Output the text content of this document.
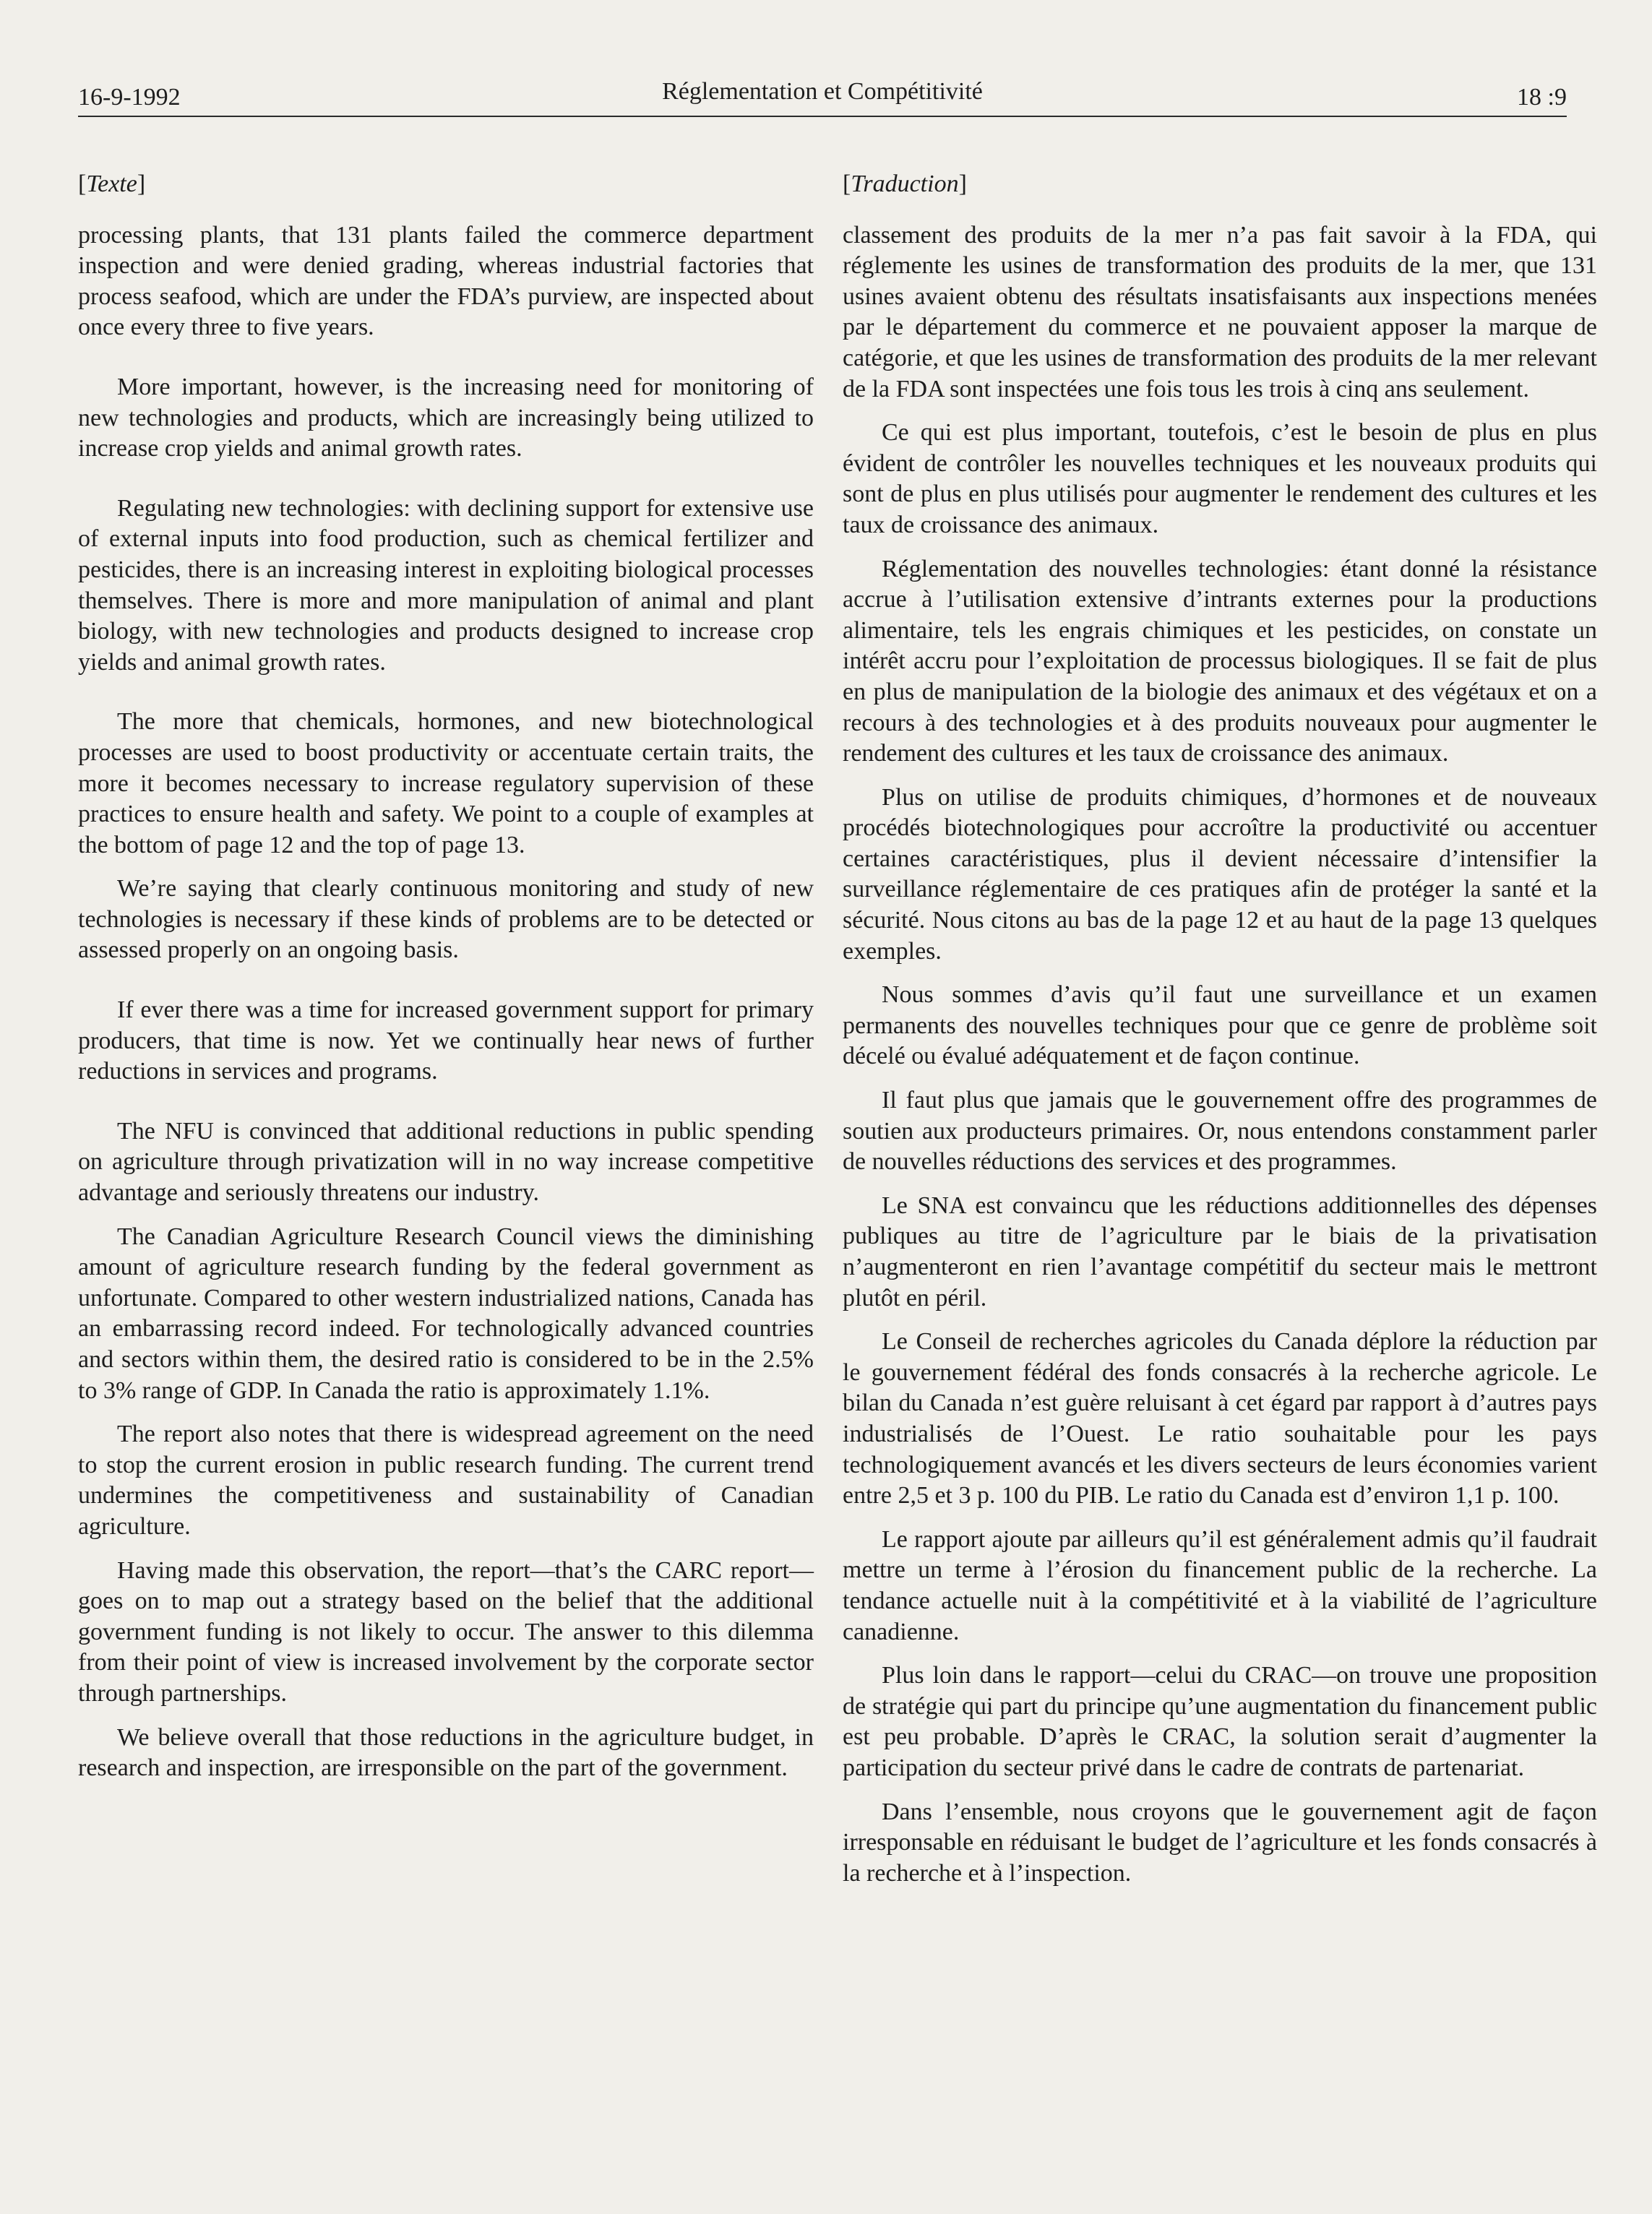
16-9-1992	Réglementation et Compétitivité	18 :9
[Texte]

processing plants, that 131 plants failed the commerce department inspection and were denied grading, whereas industrial factories that process seafood, which are under the FDA’s purview, are inspected about once every three to five years.

More important, however, is the increasing need for monitoring of new technologies and products, which are increasingly being utilized to increase crop yields and animal growth rates.

Regulating new technologies: with declining support for extensive use of external inputs into food production, such as chemical fertilizer and pesticides, there is an increasing interest in exploiting biological processes themselves. There is more and more manipulation of animal and plant biology, with new technologies and products designed to increase crop yields and animal growth rates.

The more that chemicals, hormones, and new biotechnological processes are used to boost productivity or accentuate certain traits, the more it becomes necessary to increase regulatory supervision of these practices to ensure health and safety. We point to a couple of examples at the bottom of page 12 and the top of page 13.

We’re saying that clearly continuous monitoring and study of new technologies is necessary if these kinds of problems are to be detected or assessed properly on an ongoing basis.

If ever there was a time for increased government support for primary producers, that time is now. Yet we continually hear news of further reductions in services and programs.

The NFU is convinced that additional reductions in public spending on agriculture through privatization will in no way increase competitive advantage and seriously threatens our industry.

The Canadian Agriculture Research Council views the diminishing amount of agriculture research funding by the federal government as unfortunate. Compared to other western industrialized nations, Canada has an embarrassing record indeed. For technologically advanced countries and sectors within them, the desired ratio is considered to be in the 2.5% to 3% range of GDP. In Canada the ratio is approximately 1.1%.

The report also notes that there is widespread agreement on the need to stop the current erosion in public research funding. The current trend undermines the competitiveness and sustainability of Canadian agriculture.

Having made this observation, the report—that’s the CARC report—goes on to map out a strategy based on the belief that the additional government funding is not likely to occur. The answer to this dilemma from their point of view is increased involvement by the corporate sector through partnerships.

We believe overall that those reductions in the agriculture budget, in research and inspection, are irresponsible on the part of the government.

[Traduction]

classement des produits de la mer n’a pas fait savoir à la FDA, qui réglemente les usines de transformation des produits de la mer, que 131 usines avaient obtenu des résultats insatisfaisants aux inspections menées par le département du commerce et ne pouvaient apposer la marque de catégorie, et que les usines de transformation des produits de la mer relevant de la FDA sont inspectées une fois tous les trois à cinq ans seulement.

Ce qui est plus important, toutefois, c’est le besoin de plus en plus évident de contrôler les nouvelles techniques et les nouveaux produits qui sont de plus en plus utilisés pour augmenter le rendement des cultures et les taux de croissance des animaux.

Réglementation des nouvelles technologies: étant donné la résistance accrue à l’utilisation extensive d’intrants externes pour la productions alimentaire, tels les engrais chimiques et les pesticides, on constate un intérêt accru pour l’exploitation de processus biologiques. Il se fait de plus en plus de manipulation de la biologie des animaux et des végétaux et on a recours à des technologies et à des produits nouveaux pour augmenter le rendement des cultures et les taux de croissance des animaux.

Plus on utilise de produits chimiques, d’hormones et de nouveaux procédés biotechnologiques pour accroître la productivité ou accentuer certaines caractéristiques, plus il devient nécessaire d’intensifier la surveillance réglementaire de ces pratiques afin de protéger la santé et la sécurité. Nous citons au bas de la page 12 et au haut de la page 13 quelques exemples.

Nous sommes d’avis qu’il faut une surveillance et un examen permanents des nouvelles techniques pour que ce genre de problème soit décelé ou évalué adéquatement et de façon continue.

Il faut plus que jamais que le gouvernement offre des programmes de soutien aux producteurs primaires. Or, nous entendons constamment parler de nouvelles réductions des services et des programmes.

Le SNA est convaincu que les réductions additionnelles des dépenses publiques au titre de l’agriculture par le biais de la privatisation n’augmenteront en rien l’avantage compétitif du secteur mais le mettront plutôt en péril.

Le Conseil de recherches agricoles du Canada déplore la réduction par le gouvernement fédéral des fonds consacrés à la recherche agricole. Le bilan du Canada n’est guère reluisant à cet égard par rapport à d’autres pays industrialisés de l’Ouest. Le ratio souhaitable pour les pays technologiquement avancés et les divers secteurs de leurs économies varient entre 2,5 et 3 p. 100 du PIB. Le ratio du Canada est d’environ 1,1 p. 100.

Le rapport ajoute par ailleurs qu’il est généralement admis qu’il faudrait mettre un terme à l’érosion du financement public de la recherche. La tendance actuelle nuit à la compétitivité et à la viabilité de l’agriculture canadienne.

Plus loin dans le rapport—celui du CRAC—on trouve une proposition de stratégie qui part du principe qu’une augmentation du financement public est peu probable. D’après le CRAC, la solution serait d’augmenter la participation du secteur privé dans le cadre de contrats de partenariat.

Dans l’ensemble, nous croyons que le gouvernement agit de façon irresponsable en réduisant le budget de l’agriculture et les fonds consacrés à la recherche et à l’inspection.
